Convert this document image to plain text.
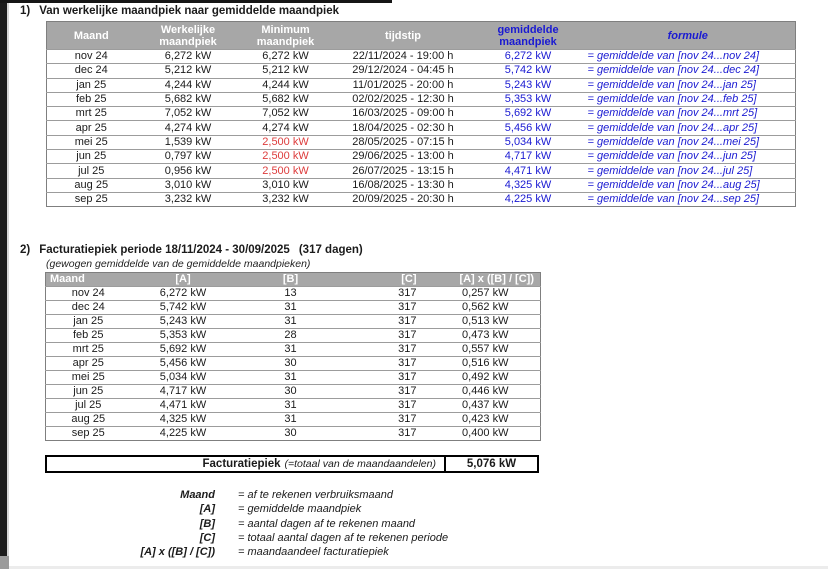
1) Van werkelijke maandpiek naar gemiddelde maandpiek
Maand	Werkelijke maandpiek	Minimum maandpiek	tijdstip	gemiddelde maandpiek	formule
nov 24	6,272 kW	6,272 kW	22/11/2024 - 19:00 h	6,272 kW	= gemiddelde van [nov 24...nov 24]
dec 24	5,212 kW	5,212 kW	29/12/2024 - 04:45 h	5,742 kW	= gemiddelde van [nov 24...dec 24]
jan 25	4,244 kW	4,244 kW	11/01/2025 - 20:00 h	5,243 kW	= gemiddelde van [nov 24...jan 25]
feb 25	5,682 kW	5,682 kW	02/02/2025 - 12:30 h	5,353 kW	= gemiddelde van [nov 24...feb 25]
mrt 25	7,052 kW	7,052 kW	16/03/2025 - 09:00 h	5,692 kW	= gemiddelde van [nov 24...mrt 25]
apr 25	4,274 kW	4,274 kW	18/04/2025 - 02:30 h	5,456 kW	= gemiddelde van [nov 24...apr 25]
mei 25	1,539 kW	2,500 kW	28/05/2025 - 07:15 h	5,034 kW	= gemiddelde van [nov 24...mei 25]
jun 25	0,797 kW	2,500 kW	29/06/2025 - 13:00 h	4,717 kW	= gemiddelde van [nov 24...jun 25]
jul 25	0,956 kW	2,500 kW	26/07/2025 - 13:15 h	4,471 kW	= gemiddelde van [nov 24...jul 25]
aug 25	3,010 kW	3,010 kW	16/08/2025 - 13:30 h	4,325 kW	= gemiddelde van [nov 24...aug 25]
sep 25	3,232 kW	3,232 kW	20/09/2025 - 20:30 h	4,225 kW	= gemiddelde van [nov 24...sep 25]
2) Facturatiepiek periode 18/11/2024 - 30/09/2025 (317 dagen)
(gewogen gemiddelde van de gemiddelde maandpieken)
Maand	[A]	[B]	[C]	[A] x ([B] / [C])
nov 24	6,272 kW	13	317	0,257 kW
dec 24	5,742 kW	31	317	0,562 kW
jan 25	5,243 kW	31	317	0,513 kW
feb 25	5,353 kW	28	317	0,473 kW
mrt 25	5,692 kW	31	317	0,557 kW
apr 25	5,456 kW	30	317	0,516 kW
mei 25	5,034 kW	31	317	0,492 kW
jun 25	4,717 kW	30	317	0,446 kW
jul 25	4,471 kW	31	317	0,437 kW
aug 25	4,325 kW	31	317	0,423 kW
sep 25	4,225 kW	30	317	0,400 kW
Facturatiepiek (=totaal van de maandaandelen)	5,076 kW
Maand = af te rekenen verbruiksmaand
[A] = gemiddelde maandpiek
[B] = aantal dagen af te rekenen maand
[C] = totaal aantal dagen af te rekenen periode
[A] x ([B] / [C]) = maandaandeel facturatiepiek
